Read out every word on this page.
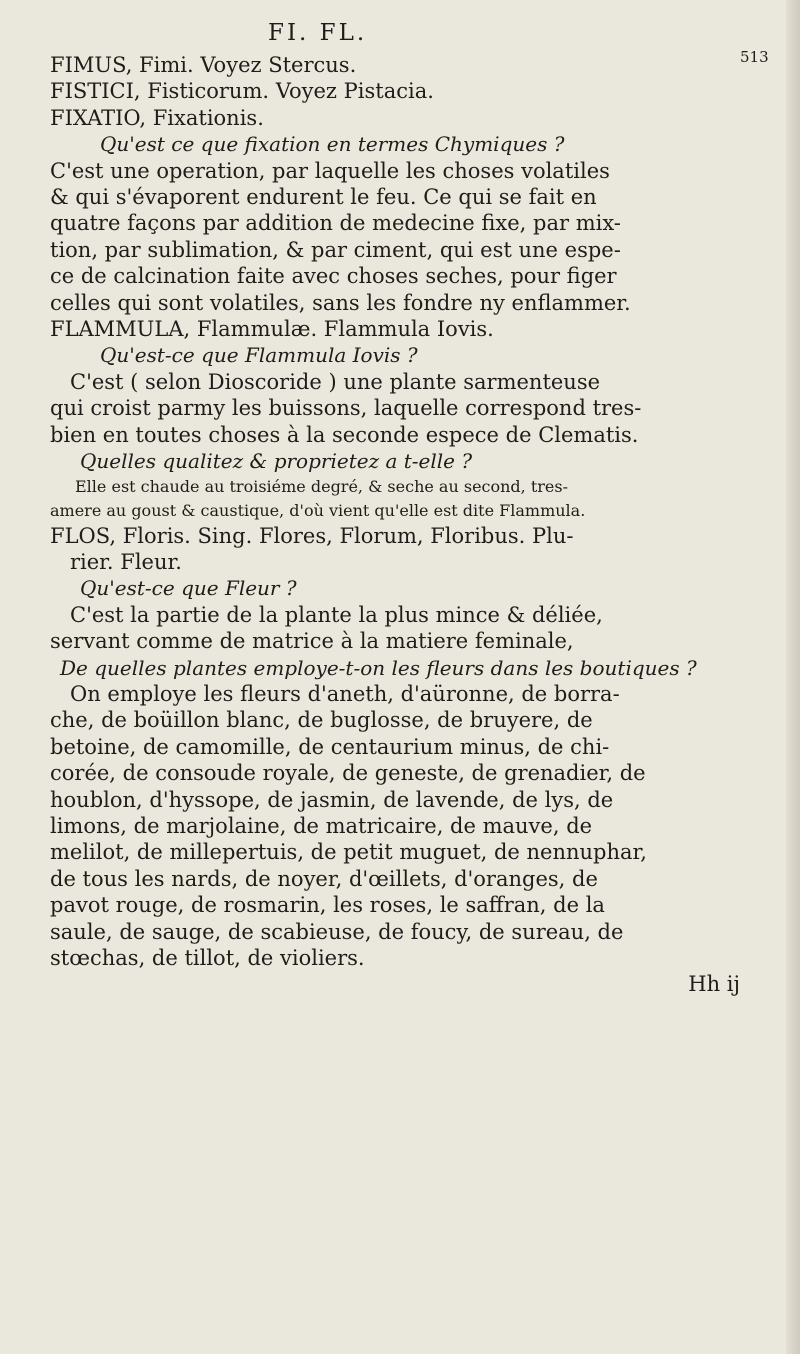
FI. FL.
513
FIMUS, Fimi. Voyez Stercus.
FISTICI, Fisticorum. Voyez Pistacia.
FIXATIO, Fixationis.
Qu'est ce que fixation en termes Chymiques ?
C'est une operation, par laquelle les choses volatiles
& qui s'évaporent endurent le feu. Ce qui se fait en
quatre façons par addition de medecine fixe, par mix-
tion, par sublimation, & par ciment, qui est une espe-
ce de calcination faite avec choses seches, pour figer
celles qui sont volatiles, sans les fondre ny enflammer.
FLAMMULA, Flammulæ. Flammula Iovis.
Qu'est-ce que Flammula Iovis ?
C'est ( selon Dioscoride ) une plante sarmenteuse
qui croist parmy les buissons, laquelle correspond tres-
bien en toutes choses à la seconde espece de Clematis.
Quelles qualitez & proprietez a t-elle ?
Elle est chaude au troisiéme degré, & seche au second, tres-
amere au goust & caustique, d'où vient qu'elle est dite Flammula.
FLOS, Floris. Sing. Flores, Florum, Floribus. Plu-
rier. Fleur.
Qu'est-ce que Fleur ?
C'est la partie de la plante la plus mince & déliée,
servant comme de matrice à la matiere feminale,
De quelles plantes employe-t-on les fleurs dans les boutiques ?
On employe les fleurs d'aneth, d'aüronne, de borra-
che, de boüillon blanc, de buglosse, de bruyere, de
betoine, de camomille, de centaurium minus, de chi-
corée, de consoude royale, de geneste, de grenadier, de
houblon, d'hyssope, de jasmin, de lavende, de lys, de
limons, de marjolaine, de matricaire, de mauve, de
melilot, de millepertuis, de petit muguet, de nennuphar,
de tous les nards, de noyer, d'œillets, d'oranges, de
pavot rouge, de rosmarin, les roses, le saffran, de la
saule, de sauge, de scabieuse, de foucy, de sureau, de
stœchas, de tillot, de violiers.
Hh ij
